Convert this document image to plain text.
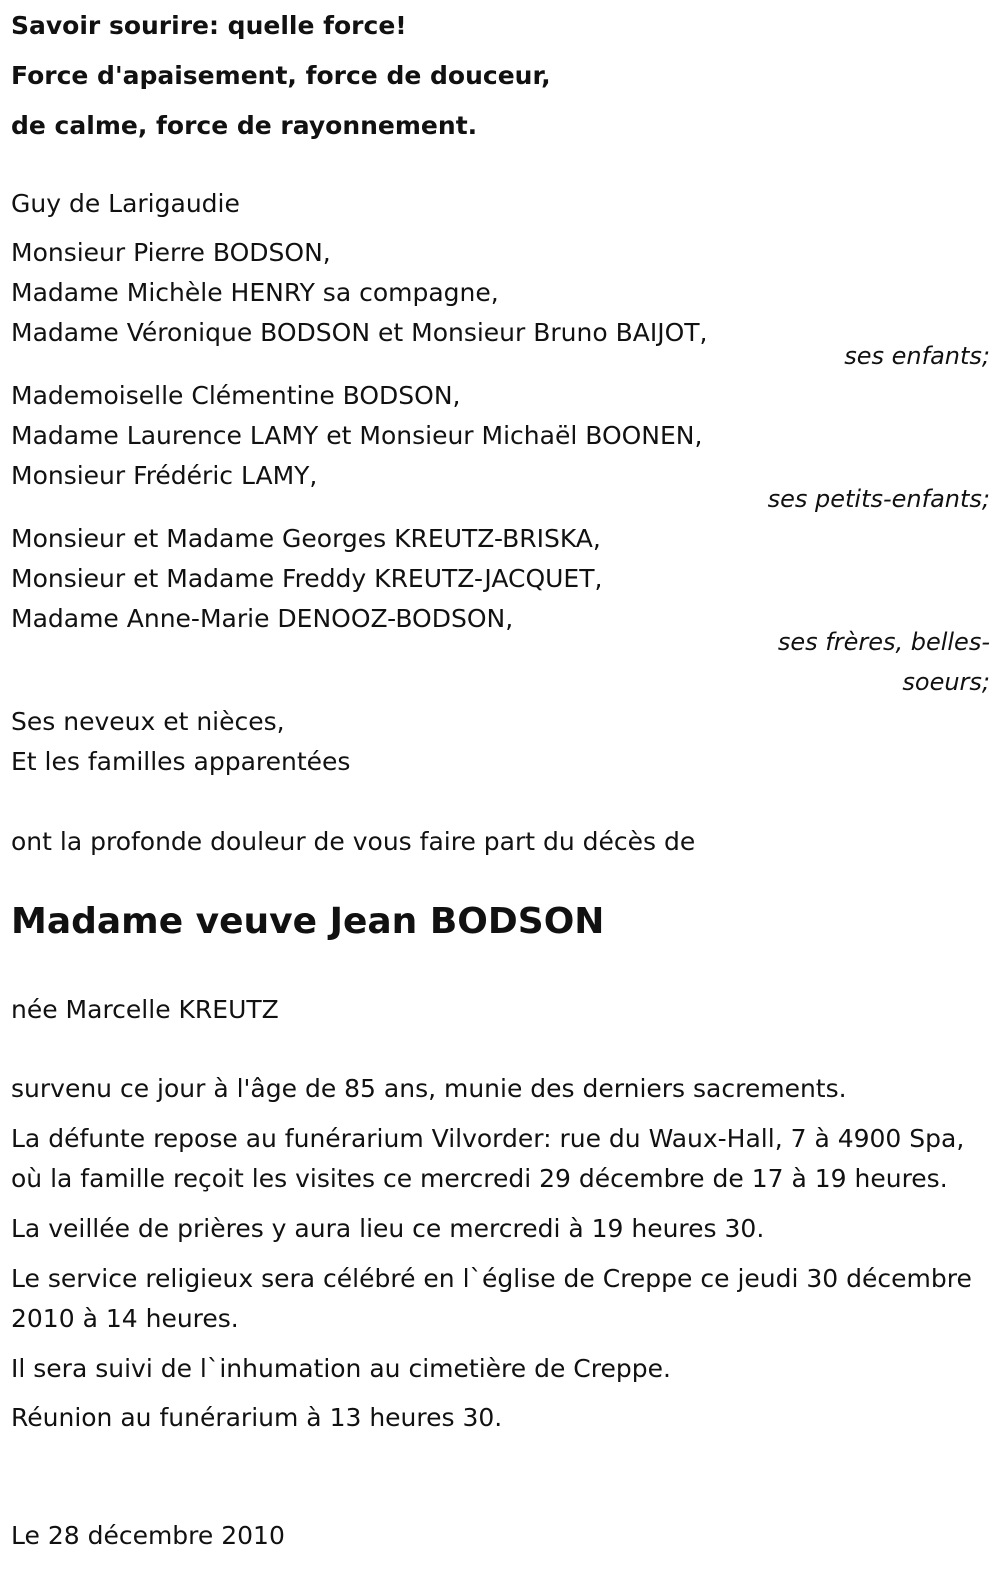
Savoir sourire: quelle force!

Force d'apaisement, force de douceur,

de calme, force de rayonnement.

Guy de Larigaudie

Monsieur Pierre BODSON,

Madame Michèle HENRY sa compagne,

Madame Véronique BODSON et Monsieur Bruno BAIJOT,

ses enfants;

Mademoiselle Clémentine BODSON,

Madame Laurence LAMY et Monsieur Michaël BOONEN,

Monsieur Frédéric LAMY,

ses petits-enfants;

Monsieur et Madame Georges KREUTZ-BRISKA,

Monsieur et Madame Freddy KREUTZ-JACQUET,

Madame Anne-Marie DENOOZ-BODSON,

ses frères, belles-

soeurs;

Ses neveux et nièces,

Et les familles apparentées

ont la profonde douleur de vous faire part du décès de

Madame veuve Jean BODSON

née Marcelle KREUTZ

survenu ce jour à l'âge de 85 ans, munie des derniers sacrements.

La défunte repose au funérarium Vilvorder: rue du Waux-Hall, 7 à 4900 Spa, où la famille reçoit les visites ce mercredi 29 décembre de 17 à 19 heures.

La veillée de prières y aura lieu ce mercredi à 19 heures 30.

Le service religieux sera célébré en l`église de Creppe ce jeudi 30 décembre 2010 à 14 heures.

Il sera suivi de l`inhumation au cimetière de Creppe.

Réunion au funérarium à 13 heures 30.

Le 28 décembre 2010
